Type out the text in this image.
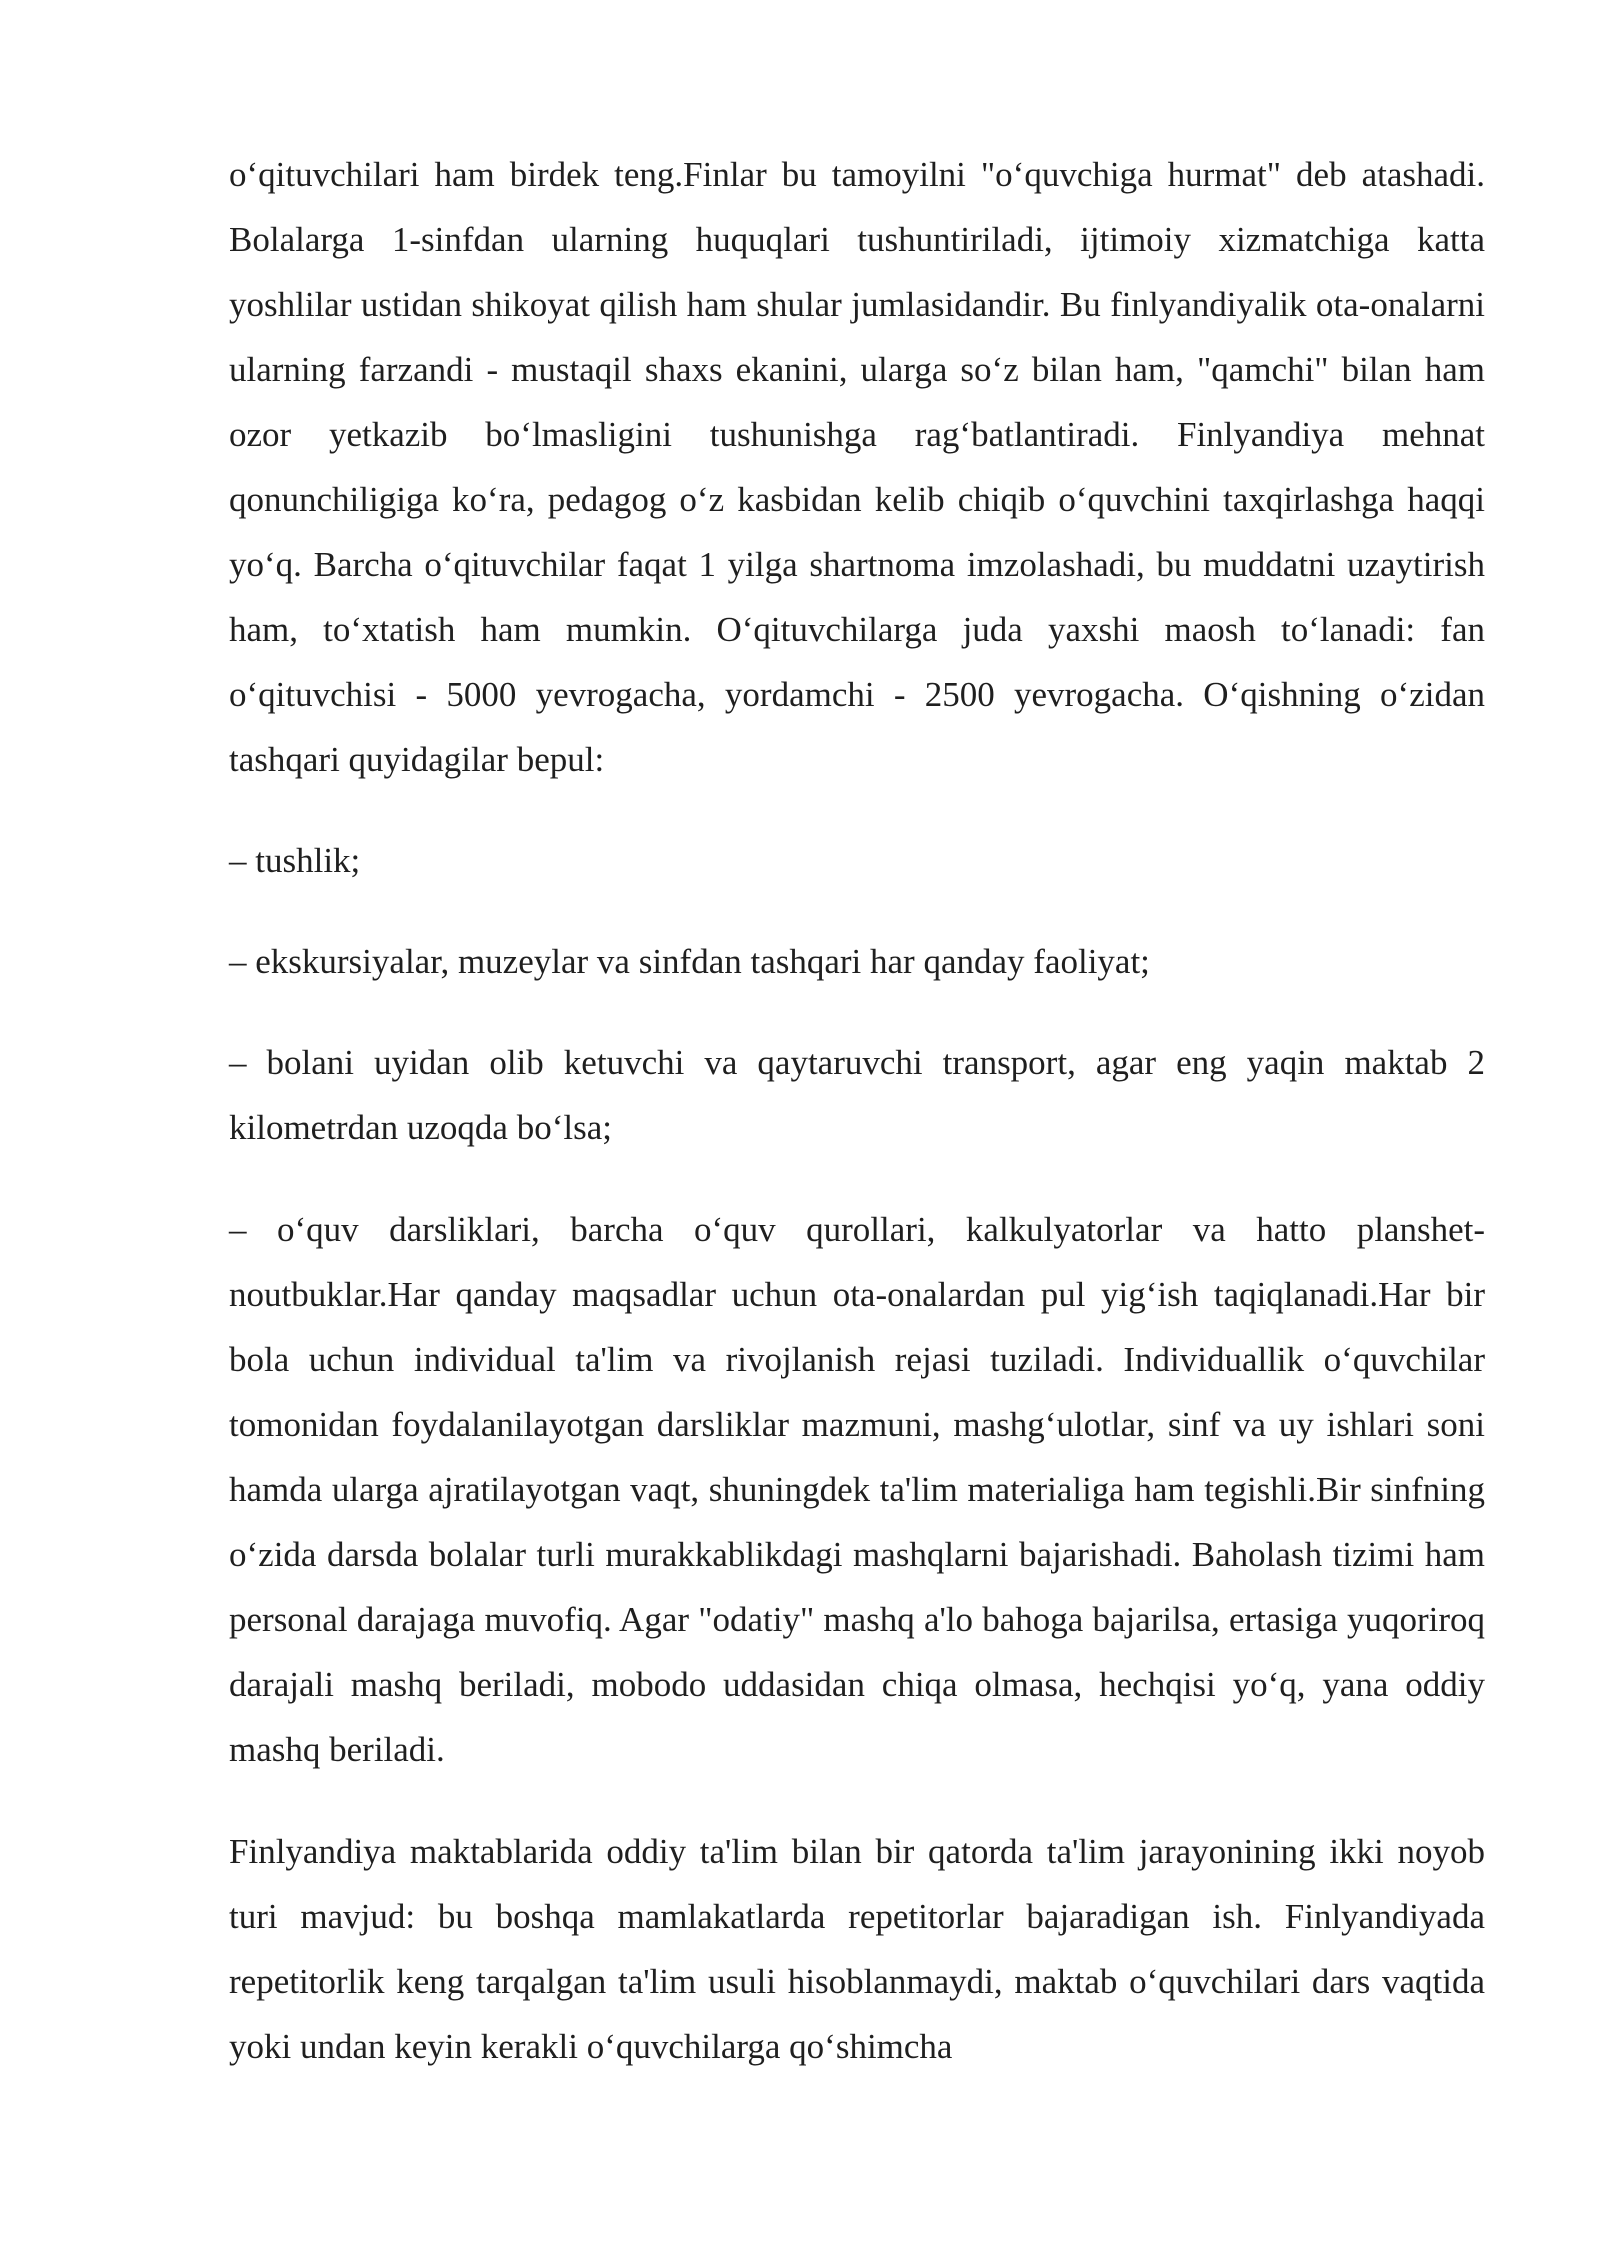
o‘qituvchilari ham birdek teng.Finlar bu tamoyilni "o‘quvchiga hurmat" deb atashadi. Bolalarga 1-sinfdan ularning huquqlari tushuntiriladi, ijtimoiy xizmatchiga katta yoshlilar ustidan shikoyat qilish ham shular jumlasidandir. Bu finlyandiyalik ota-onalarni ularning farzandi - mustaqil shaxs ekanini, ularga so‘z bilan ham, "qamchi" bilan ham ozor yetkazib bo‘lmasligini tushunishga rag‘batlantiradi. Finlyandiya mehnat qonunchiligiga ko‘ra, pedagog o‘z kasbidan kelib chiqib o‘quvchini taxqirlashga haqqi yo‘q. Barcha o‘qituvchilar faqat 1 yilga shartnoma imzolashadi, bu muddatni uzaytirish ham, to‘xtatish ham mumkin. O‘qituvchilarga juda yaxshi maosh to‘lanadi: fan o‘qituvchisi - 5000 yevrogacha, yordamchi - 2500 yevrogacha. O‘qishning o‘zidan tashqari quyidagilar bepul:

– tushlik;

– ekskursiyalar, muzeylar va sinfdan tashqari har qanday faoliyat;

– bolani uyidan olib ketuvchi va qaytaruvchi transport, agar eng yaqin maktab 2 kilometrdan uzoqda bo‘lsa;

– o‘quv darsliklari, barcha o‘quv qurollari, kalkulyatorlar va hatto planshet-noutbuklar.Har qanday maqsadlar uchun ota-onalardan pul yig‘ish taqiqlanadi.Har bir bola uchun individual ta'lim va rivojlanish rejasi tuziladi. Individuallik o‘quvchilar tomonidan foydalanilayotgan darsliklar mazmuni, mashg‘ulotlar, sinf va uy ishlari soni hamda ularga ajratilayotgan vaqt, shuningdek ta'lim materialiga ham tegishli.Bir sinfning o‘zida darsda bolalar turli murakkablikdagi mashqlarni bajarishadi. Baholash tizimi ham personal darajaga muvofiq. Agar "odatiy" mashq a'lo bahoga bajarilsa, ertasiga yuqoriroq darajali mashq beriladi, mobodo uddasidan chiqa olmasa, hechqisi yo‘q, yana oddiy mashq beriladi.

Finlyandiya maktablarida oddiy ta'lim bilan bir qatorda ta'lim jarayonining ikki noyob turi mavjud: bu boshqa mamlakatlarda repetitorlar bajaradigan ish. Finlyandiyada repetitorlik keng tarqalgan ta'lim usuli hisoblanmaydi, maktab o‘quvchilari dars vaqtida yoki undan keyin kerakli o‘quvchilarga qo‘shimcha
